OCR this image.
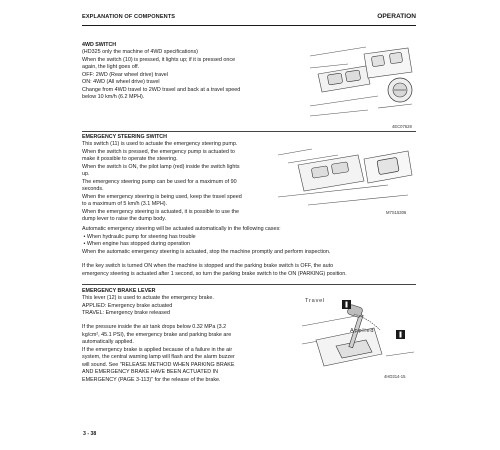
EXPLANATION OF COMPONENTS	OPERATION
4WD SWITCH
(HD325 only the machine of 4WD specifications)
When the switch (10) is pressed, it lights up; if it is pressed once
again, the light goes off.
OFF: 2WD (Rear wheel drive) travel
ON: 4WD (All wheel drive) travel
Change from 4WD travel to 2WD travel and back at a travel speed
below 10 km/h (6.2 MPH).
4EC07628
EMERGENCY STEERING SWITCH
This switch (11) is used to actuate the emergency steering pump.
When the switch is pressed, the emergency pump is actuated to
make it possible to operate the steering.
When the switch is ON, the pilot lamp (red) inside the switch lights
up.
The emergency steering pump can be used for a maximum of 90
seconds.
When the emergency steering is being used, keep the travel speed
to a maximum of 5 km/h (3.1 MPH).
When the emergency steering is actuated, it is possible to use the
dump lever to raise the dump body.
M7S15306
Automatic emergency steering will be actuated automatically in the following cases:
• When hydraulic pump for steering has trouble
• When engine has stopped during operation
When the automatic emergency steering is actuated, stop the machine promptly and perform inspection.
If the key switch is turned ON when the machine is stopped and the parking brake switch is OFF, the auto
emergency steering is actuated after 1 second, so turn the parking brake switch to the ON (PARKING) position.
EMERGENCY BRAKE LEVER
This lever (12) is used to actuate the emergency brake.
APPLIED: Emergency brake actuated
TRAVEL: Emergency brake released
If the pressure inside the air tank drops below 0.32 MPa (3.2
kg/cm², 45.1 PSI), the emergency brake and parking brake are
automatically applied.
If the emergency brake is applied because of a failure in the air
system, the central warning lamp will flash and the alarm buzzer
will sound. See "RELEASE METHOD WHEN PARKING BRAKE
AND EMERGENCY BRAKE HAVE BEEN ACTUATED IN
EMERGENCY (PAGE 3-113)" for the release of the brake.
Travel
Applied
4HD314-15
3 - 38
